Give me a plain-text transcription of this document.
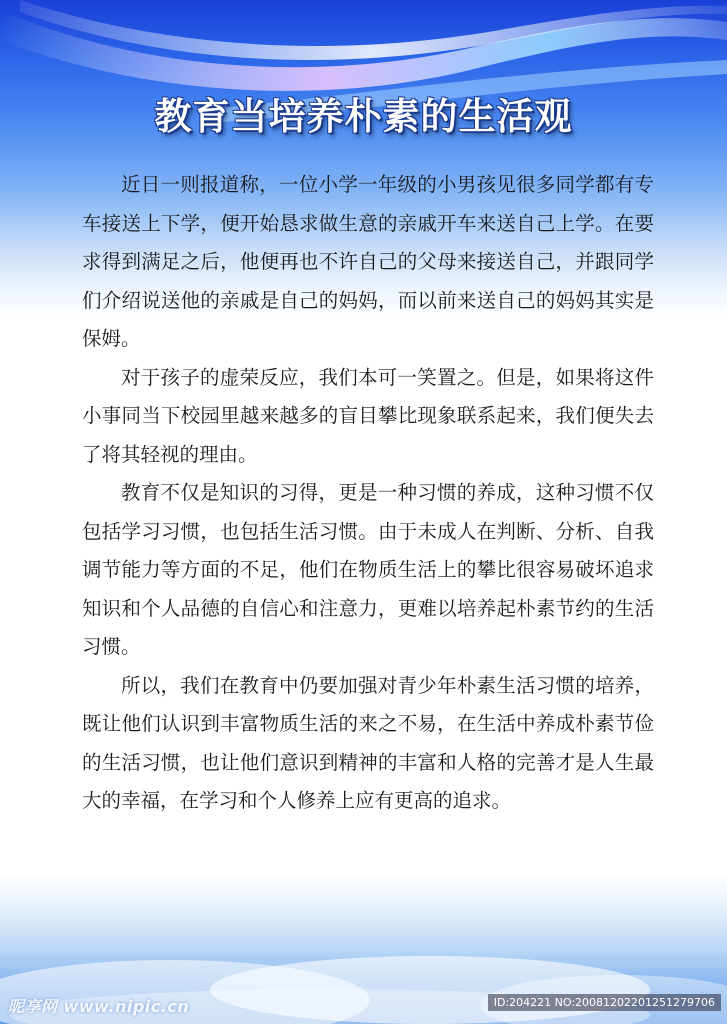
教育当培养朴素的生活观

近日一则报道称，一位小学一年级的小男孩见很多同学都有专车接送上下学，便开始恳求做生意的亲戚开车来送自己上学。在要求得到满足之后，他便再也不许自己的父母来接送自己，并跟同学们介绍说送他的亲戚是自己的妈妈，而以前来送自己的妈妈其实是保姆。

对于孩子的虚荣反应，我们本可一笑置之。但是，如果将这件小事同当下校园里越来越多的盲目攀比现象联系起来，我们便失去了将其轻视的理由。

教育不仅是知识的习得，更是一种习惯的养成，这种习惯不仅包括学习习惯，也包括生活习惯。由于未成人在判断、分析、自我调节能力等方面的不足，他们在物质生活上的攀比很容易破坏追求知识和个人品德的自信心和注意力，更难以培养起朴素节约的生活习惯。

所以，我们在教育中仍要加强对青少年朴素生活习惯的培养，既让他们认识到丰富物质生活的来之不易，在生活中养成朴素节俭的生活习惯，也让他们意识到精神的丰富和人格的完善才是人生最大的幸福，在学习和个人修养上应有更高的追求。

昵享网 www.nipic.cn	ID:204221 NO:20081202201251279706
